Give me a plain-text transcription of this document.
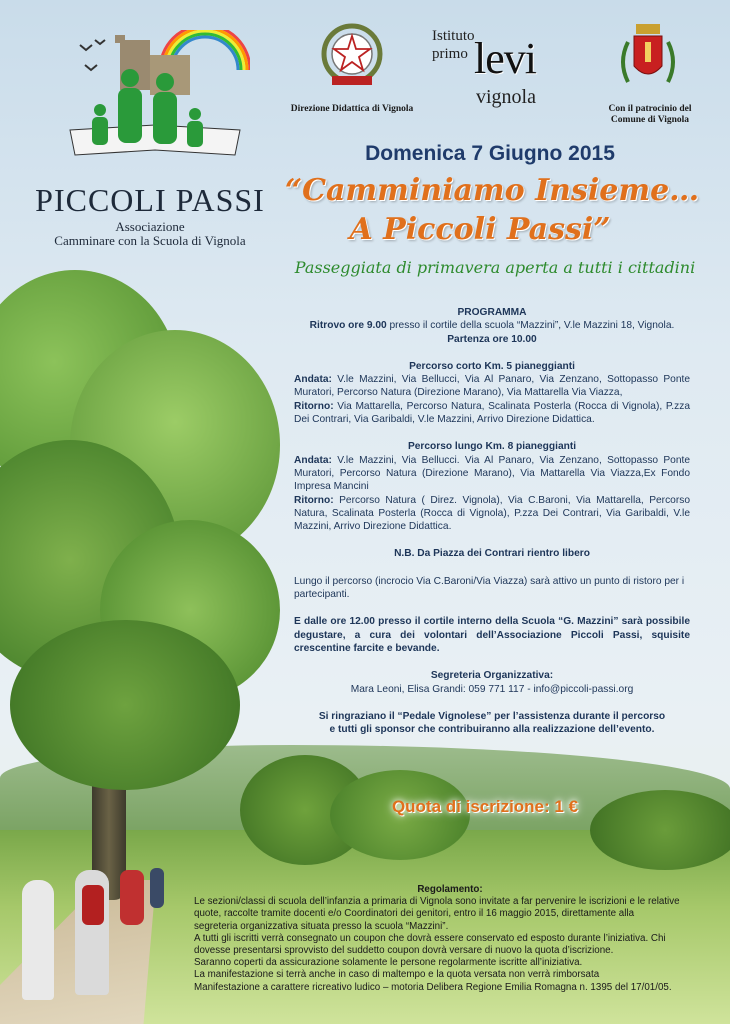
PICCOLI PASSI
Associazione
Camminare con la Scuola di Vignola
Direzione Didattica di Vignola
Istituto
primo levi
vignola
Con il patrocinio del
Comune di Vignola
Domenica 7 Giugno 2015
“Camminiamo Insieme…
A Piccoli Passi”
Passeggiata di primavera aperta a tutti i cittadini
PROGRAMMA
Ritrovo ore 9.00 presso il cortile della scuola “Mazzini”, V.le Mazzini 18, Vignola.
Partenza ore 10.00
Percorso corto Km. 5 pianeggianti
Andata: V.le Mazzini, Via Bellucci, Via Al Panaro, Via Zenzano, Sottopasso Ponte Muratori, Percorso Natura (Direzione Marano), Via Mattarella Via Viazza,
Ritorno: Via Mattarella, Percorso Natura, Scalinata Posterla (Rocca di Vignola), P.zza Dei Contrari, Via Garibaldi, V.le Mazzini, Arrivo Direzione Didattica.
Percorso lungo Km. 8 pianeggianti
Andata: V.le Mazzini, Via Bellucci. Via Al Panaro, Via Zenzano, Sottopasso Ponte Muratori, Percorso Natura (Direzione Marano), Via Mattarella Via Viazza,Ex Fondo Impresa Mancini
Ritorno: Percorso Natura ( Direz. Vignola), Via C.Baroni, Via Mattarella, Percorso Natura, Scalinata Posterla (Rocca di Vignola), P.zza Dei Contrari, Via Garibaldi, V.le Mazzini, Arrivo Direzione Didattica.
N.B. Da Piazza dei Contrari rientro libero
Lungo il percorso (incrocio Via C.Baroni/Via Viazza) sarà attivo un punto di ristoro per i partecipanti.
E dalle ore 12.00 presso il cortile interno della Scuola “G. Mazzini” sarà possibile degustare, a cura dei volontari dell’Associazione Piccoli Passi, squisite crescentine farcite e bevande.
Segreteria Organizzativa:
Mara Leoni, Elisa Grandi: 059 771 117 - info@piccoli-passi.org
Si ringraziano il “Pedale Vignolese” per l’assistenza durante il percorso
e tutti gli sponsor che contribuiranno alla realizzazione dell’evento.
Quota di iscrizione: 1 €
Regolamento:
Le sezioni/classi di scuola dell’infanzia a primaria di Vignola sono invitate a far pervenire le iscrizioni e le relative
quote, raccolte tramite docenti e/o Coordinatori dei genitori, entro il 16 maggio 2015, direttamente alla
segreteria organizzativa situata presso la scuola “Mazzini”.
A tutti gli iscritti verrà consegnato un coupon che dovrà essere conservato ed esposto durante l’iniziativa. Chi
dovesse presentarsi sprovvisto del suddetto coupon dovrà versare di nuovo la quota d’iscrizione.
Saranno coperti da assicurazione solamente le persone regolarmente iscritte all’iniziativa.
La manifestazione si terrà anche in caso di maltempo e la quota versata non verrà rimborsata
Manifestazione a carattere ricreativo ludico – motoria Delibera Regione Emilia Romagna n. 1395 del 17/01/05.
